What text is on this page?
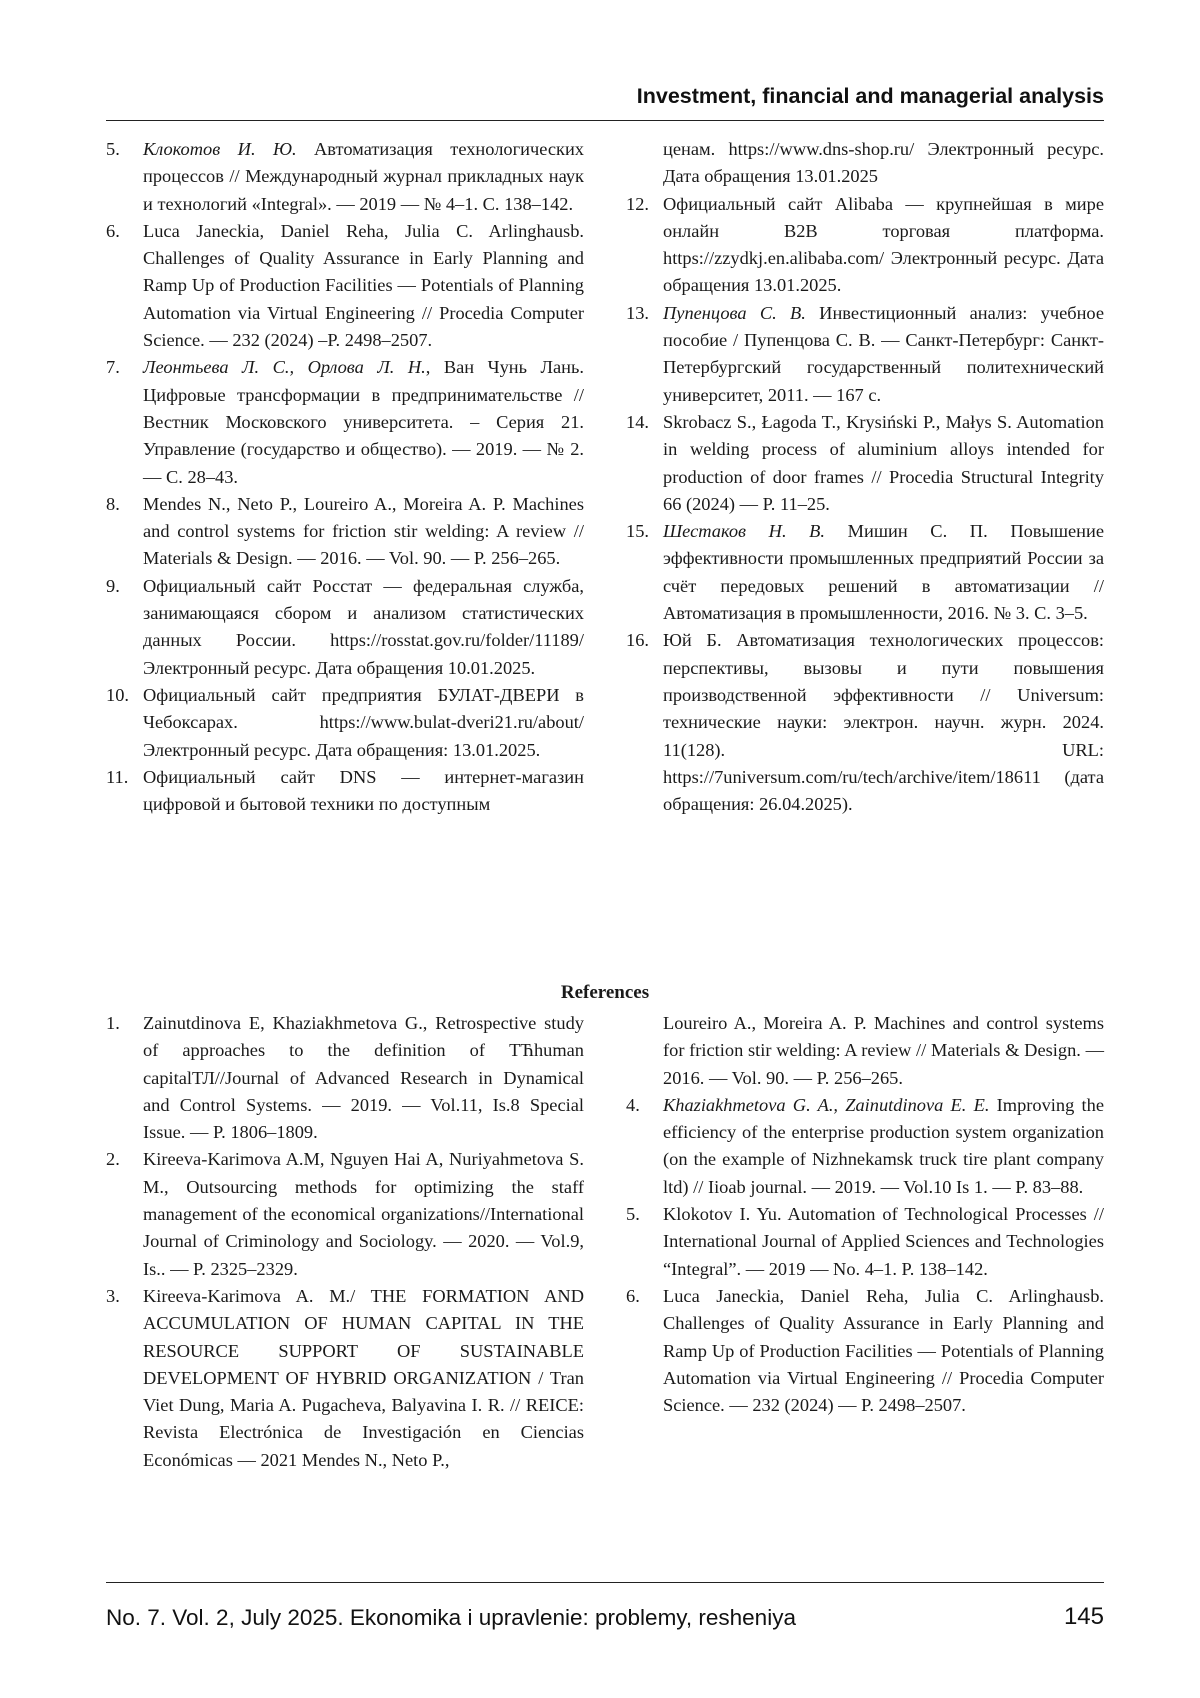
Investment, financial and managerial analysis
5. Клокотов И. Ю. Автоматизация технологических процессов // Международный журнал прикладных наук и технологий «Integral». — 2019 — № 4–1. С. 138–142.
6. Luca Janeckia, Daniel Reha, Julia C. Arlinghausb. Challenges of Quality Assurance in Early Planning and Ramp Up of Production Facilities — Potentials of Planning Automation via Virtual Engineering // Procedia Computer Science. — 232 (2024) –P. 2498–2507.
7. Леонтьева Л. С., Орлова Л. Н., Ван Чунь Лань. Цифровые трансформации в предпринимательстве // Вестник Московского университета. – Серия 21. Управление (государство и общество). — 2019. — № 2. — С. 28–43.
8. Mendes N., Neto P., Loureiro A., Moreira A. P. Machines and control systems for friction stir welding: A review // Materials & Design. — 2016. — Vol. 90. — P. 256–265.
9. Официальный сайт Росстат — федеральная служба, занимающаяся сбором и анализом статистических данных России. https://rosstat.gov.ru/folder/11189/ Электронный ресурс. Дата обращения 10.01.2025.
10. Официальный сайт предприятия БУЛАТ-ДВЕРИ в Чебоксарах. https://www.bulat-dveri21.ru/about/ Электронный ресурс. Дата обращения: 13.01.2025.
11. Официальный сайт DNS — интернет-магазин цифровой и бытовой техники по доступным
ценам. https://www.dns-shop.ru/ Электронный ресурс. Дата обращения 13.01.2025
12. Официальный сайт Alibaba — крупнейшая в мире онлайн B2B торговая платформа. https://zzydkj.en.alibaba.com/ Электронный ресурс. Дата обращения 13.01.2025.
13. Пупенцова С. В. Инвестиционный анализ: учебное пособие / Пупенцова С. В. — Санкт-Петербург: Санкт-Петербургский государственный политехнический университет, 2011. — 167 с.
14. Skrobacz S., Łagoda T., Krysiński P., Małys S. Automation in welding process of aluminium alloys intended for production of door frames // Procedia Structural Integrity 66 (2024) — P. 11–25.
15. Шестаков Н. В. Мишин С. П. Повышение эффективности промышленных предприятий России за счёт передовых решений в автоматизации // Автоматизация в промышленности, 2016. № 3. С. 3–5.
16. Юй Б. Автоматизация технологических процессов: перспективы, вызовы и пути повышения производственной эффективности // Universum: технические науки: электрон. научн. журн. 2024. 11(128). URL: https://7universum.com/ru/tech/archive/item/18611 (дата обращения: 26.04.2025).
References
1. Zainutdinova E, Khaziakhmetova G., Retrospective study of approaches to the definition of ТЋhuman capitalТЛ//Journal of Advanced Research in Dynamical and Control Systems. — 2019. — Vol.11, Is.8 Special Issue. — P. 1806–1809.
2. Kireeva-Karimova A.M, Nguyen Hai A, Nuriyahmetova S. M., Outsourcing methods for optimizing the staff management of the economical organizations//International Journal of Criminology and Sociology. — 2020. — Vol.9, Is.. — P. 2325–2329.
3. Kireeva-Karimova A. M./ THE FORMATION AND ACCUMULATION OF HUMAN CAPITAL IN THE RESOURCE SUPPORT OF SUSTAINABLE DEVELOPMENT OF HYBRID ORGANIZATION / Tran Viet Dung, Maria A. Pugacheva, Balyavina I. R. // REICE: Revista Electrónica de Investigación en Ciencias Económicas — 2021 Mendes N., Neto P.,
Loureiro A., Moreira A. P. Machines and control systems for friction stir welding: A review // Materials & Design. — 2016. — Vol. 90. — P. 256–265.
4. Khaziakhmetova G. A., Zainutdinova E. E. Improving the efficiency of the enterprise production system organization (on the example of Nizhnekamsk truck tire plant company ltd) // Iioab journal. — 2019. — Vol.10 Is 1. — P. 83–88.
5. Klokotov I. Yu. Automation of Technological Processes // International Journal of Applied Sciences and Technologies “Integral”. — 2019 — No. 4–1. P. 138–142.
6. Luca Janeckia, Daniel Reha, Julia C. Arlinghausb. Challenges of Quality Assurance in Early Planning and Ramp Up of Production Facilities — Potentials of Planning Automation via Virtual Engineering // Procedia Computer Science. — 232 (2024) — P. 2498–2507.
No. 7. Vol. 2, July 2025. Ekonomika i upravlenie: problemy, resheniya	145
